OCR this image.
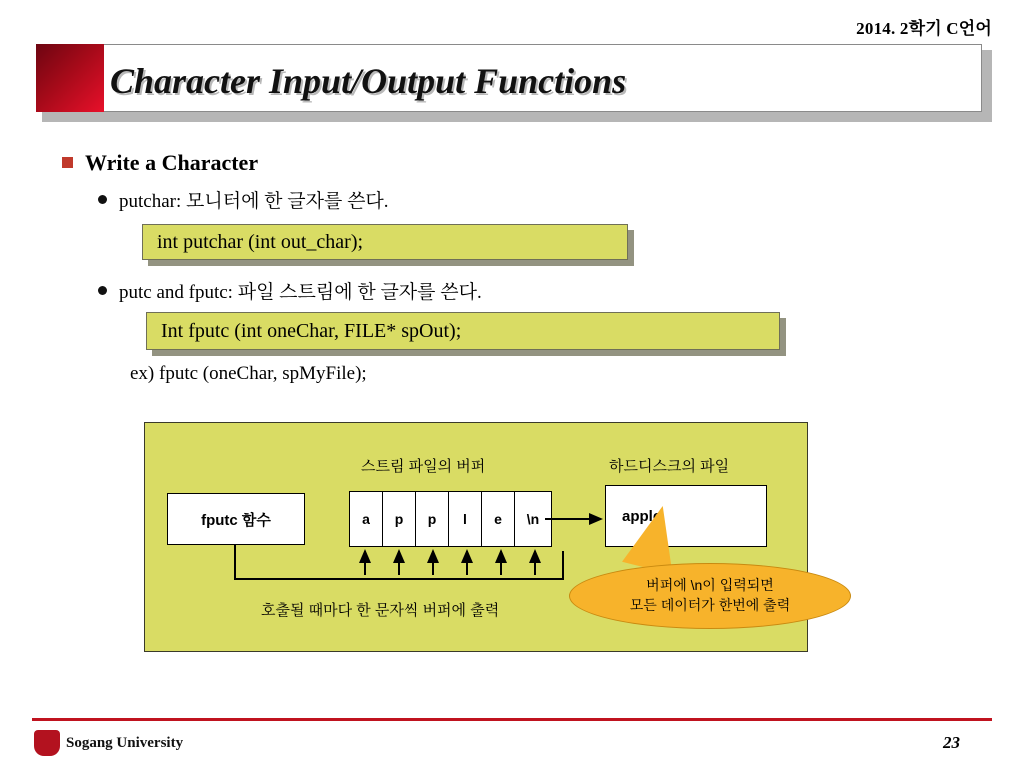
2014. 2학기 C언어
Character Input/Output Functions
Write a Character
putchar: 모니터에 한 글자를 쓴다.
int putchar (int out_char);
putc and fputc: 파일 스트림에 한 글자를 쓴다.
Int fputc (int oneChar, FILE* spOut);
ex) fputc (oneChar, spMyFile);
스트림 파일의 버퍼	하드디스크의 파일
fputc 함수	a	p	p	l	e	\n	apple
호출될 때마다 한 문자씩 버퍼에 출력
버퍼에 \n이 입력되면
모든 데이터가 한번에 출력
Sogang University	23
